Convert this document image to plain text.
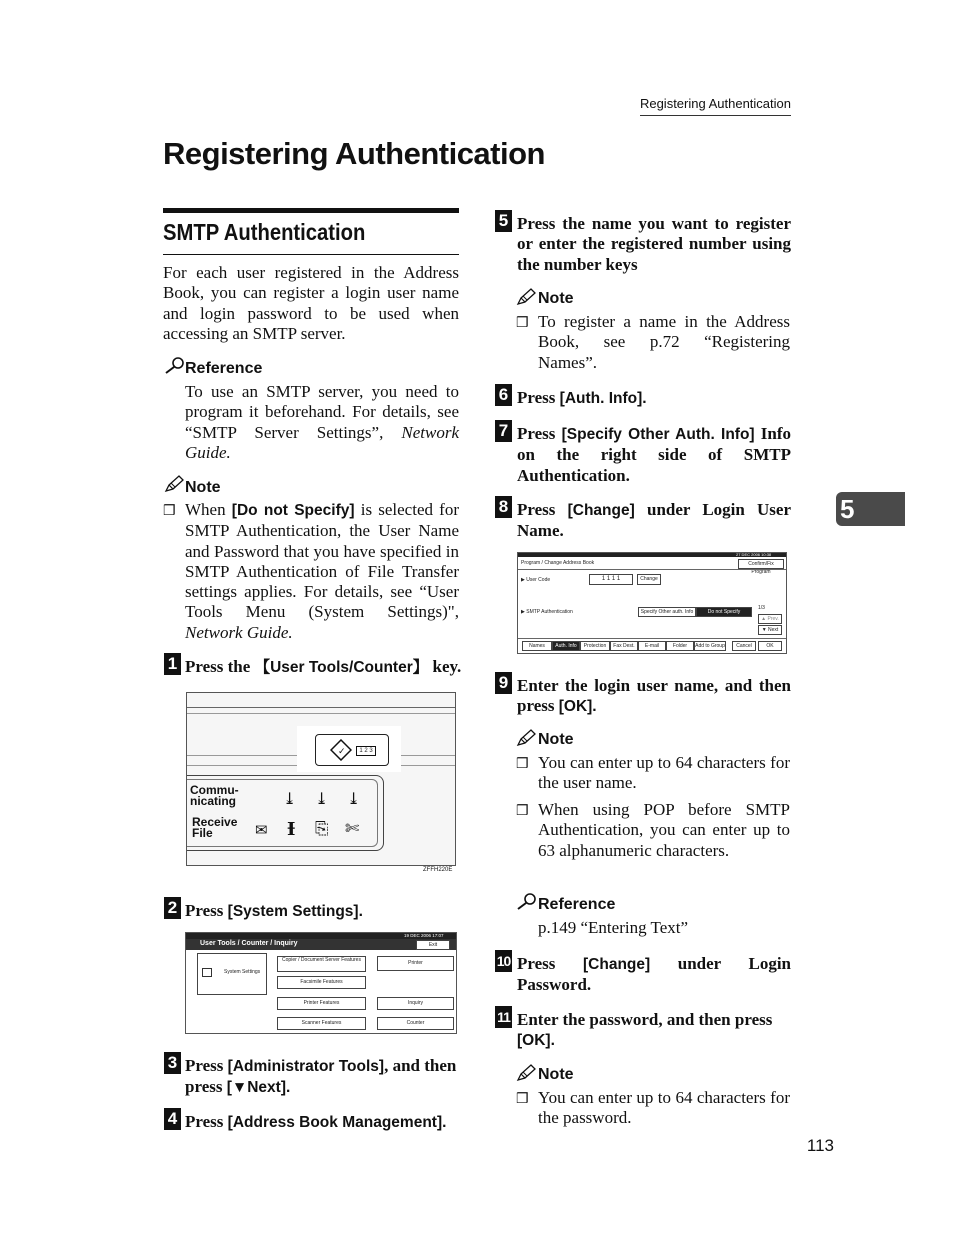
Registering Authentication
Registering Authentication
SMTP Authentication
For each user registered in the Address Book, you can register a login user name and login password to be used when accessing an SMTP server.
Reference
To use an SMTP server, you need to program it beforehand. For details, see “SMTP Server Settings”, Network Guide.
Note
❒ When [Do not Specify] is selected for SMTP Authentication, the User Name and Password that you have specified in SMTP Authentication of File Transfer settings applies. For details, see “User Tools Menu (System Settings)", Network Guide.
1 Press the 【User Tools/Counter】 key.
✓	1 2 3
Commu-
nicating
Receive
File
⤓ ⤓ ⤓
✉ Ɨ ⎘ ✄
ZFFH220E
2 Press [System Settings].
User Tools / Counter / Inquiry
19 DEC 2006 17:07
Exit
System Settings
Copier / Document Server Features
Facsimile Features
Printer Features
Scanner Features
Printer
Inquiry
Counter
3 Press [Administrator Tools], and then press [▼Next].
4 Press [Address Book Management].
5 Press the name you want to register or enter the registered number using the number keys
Note
❒ To register a name in the Address Book, see p.72 “Registering Names”.
6 Press [Auth. Info].
7 Press [Specify Other Auth. Info] Info on the right side of SMTP Authentication.
8 Press [Change] under Login User Name.
27 DEC 2006 10:38
Program / Change Address Book	Confirm/Fix Program
▶ User Code	1 1 1 1	Change
▶ SMTP Authentication	Specify Other auth. Info	Do not Specify
1/3
▲ Prev.
▼ Next
Names	Auth. Info	Protection	Fax Dest.	E-mail	Folder	Add to Group	Cancel	OK
9 Enter the login user name, and then press [OK].
Note
❒ You can enter up to 64 characters for the user name.
❒ When using POP before SMTP Authentication, you can enter up to 63 alphanumeric characters.
Reference
p.149 “Entering Text”
10 Press [Change] under Login Password.
11 Enter the password, and then press [OK].
Note
❒ You can enter up to 64 characters for the password.
5
113
